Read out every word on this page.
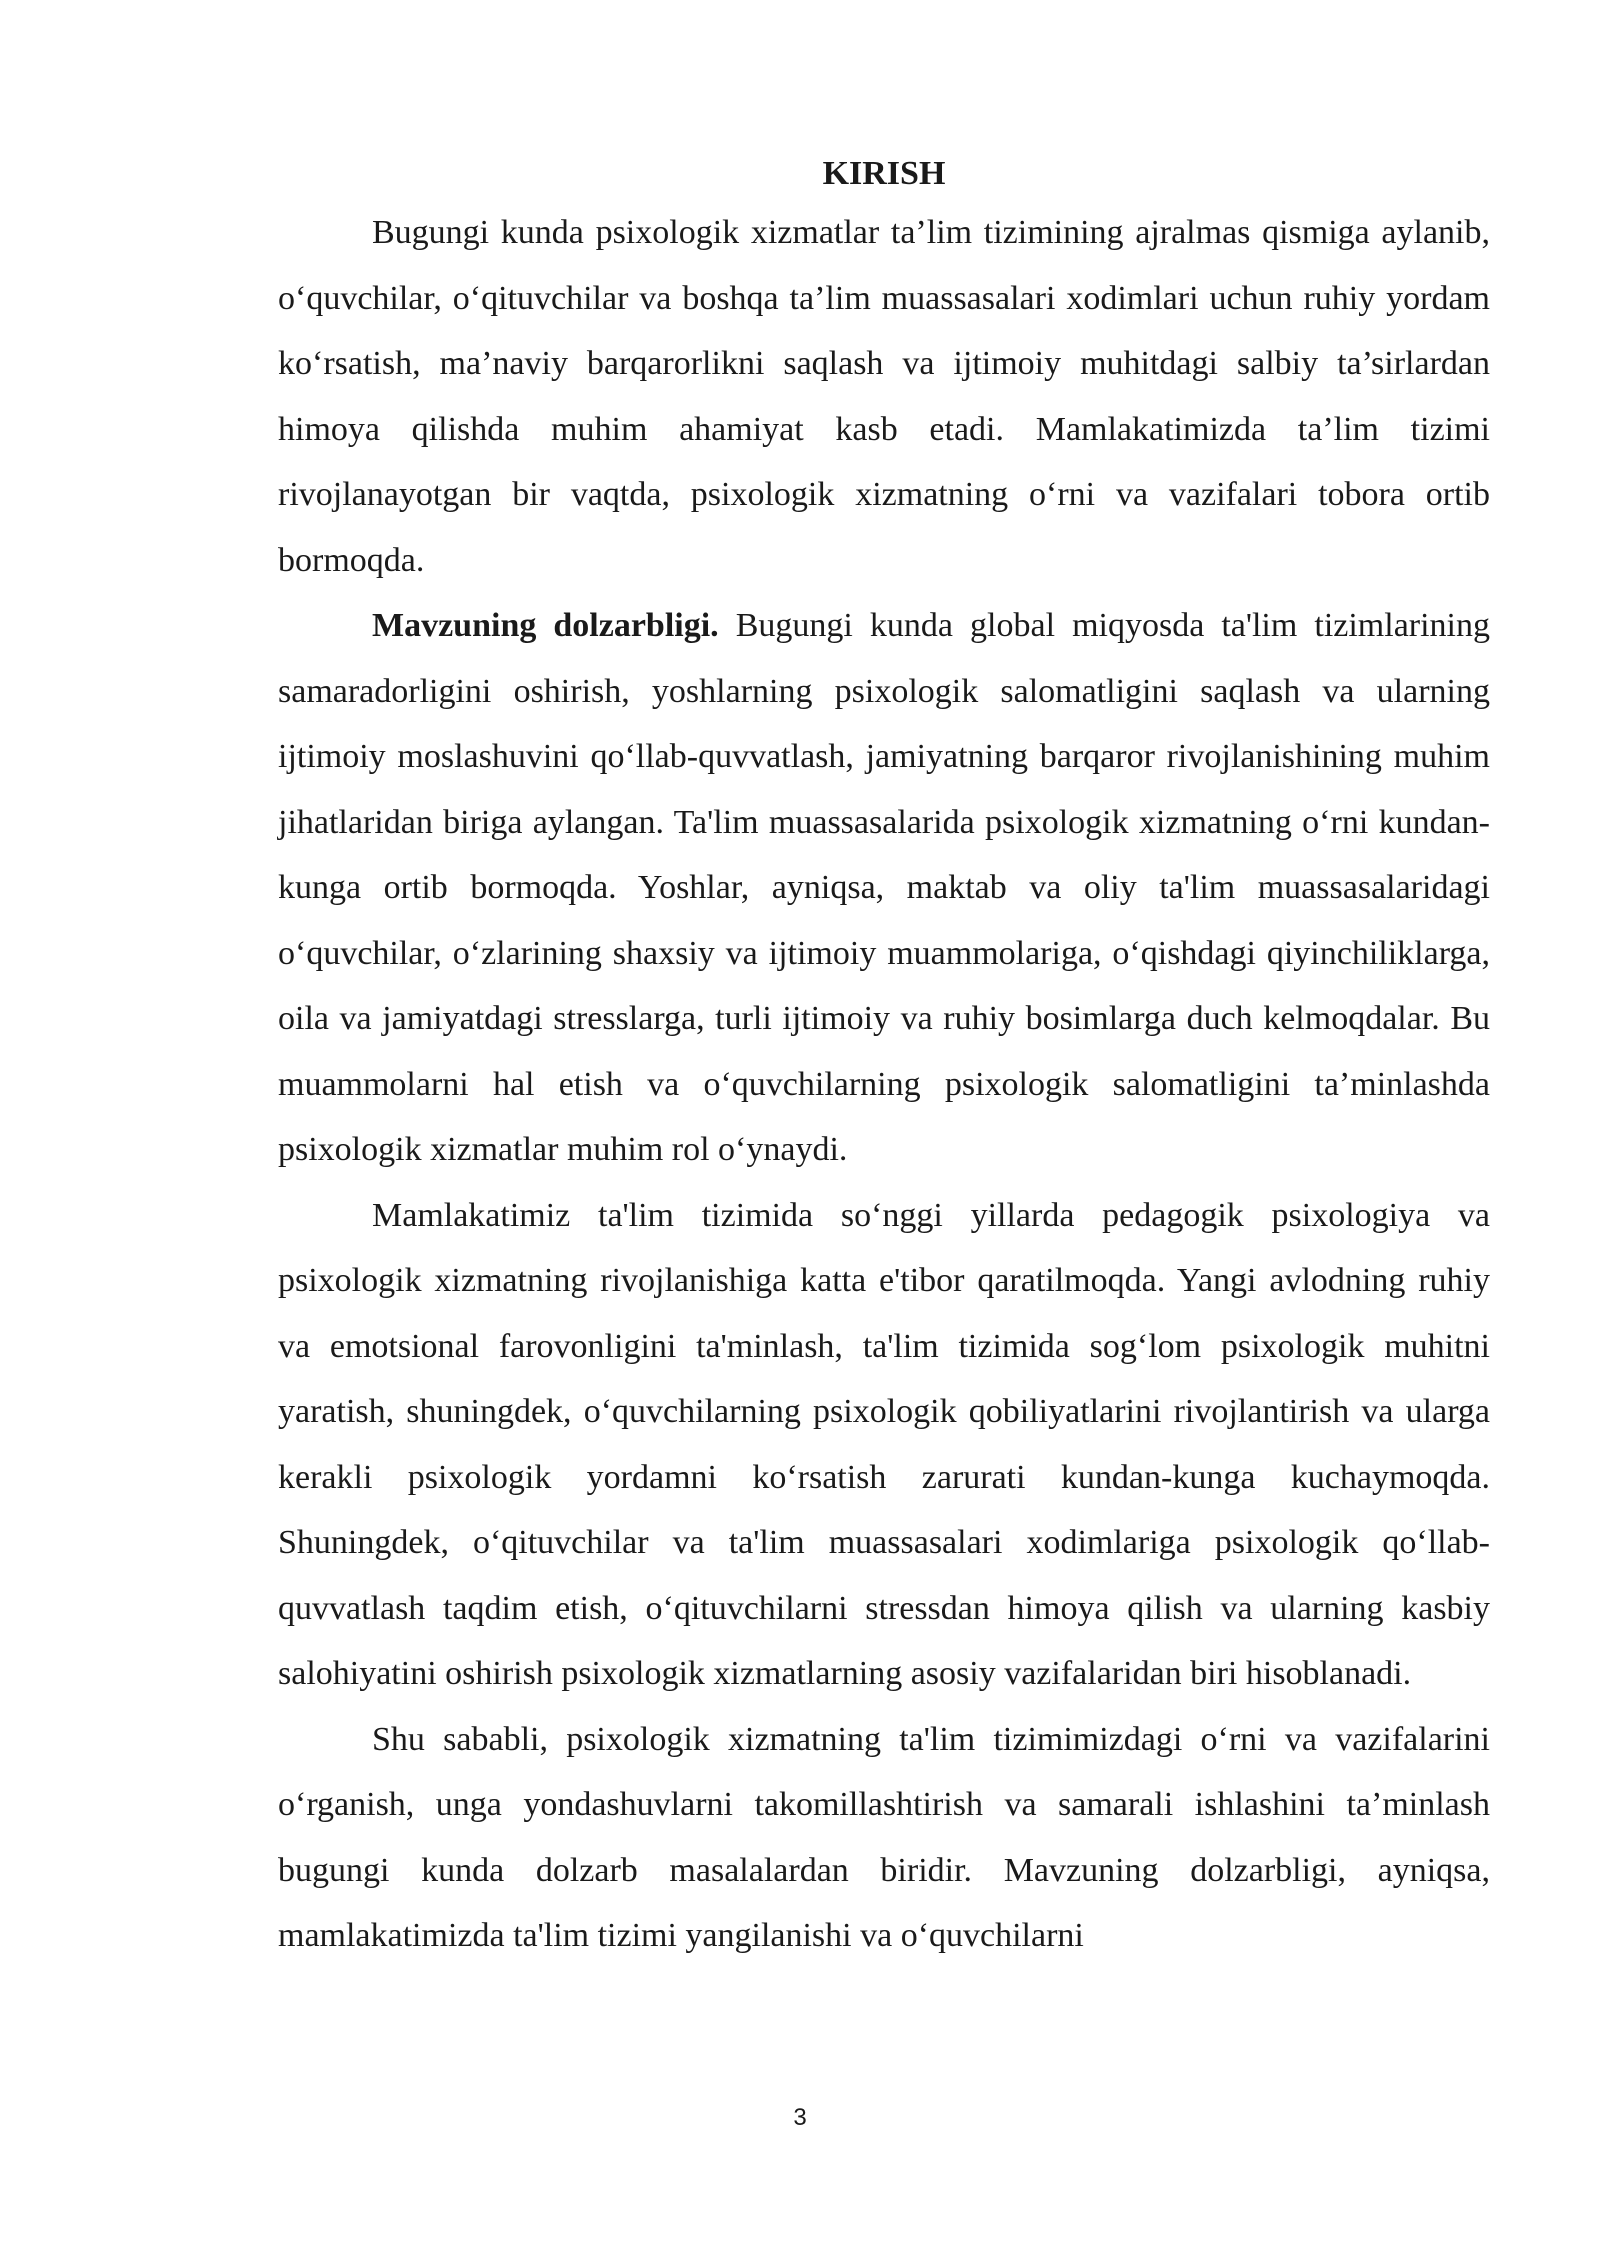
KIRISH

Bugungi kunda psixologik xizmatlar ta’lim tizimining ajralmas qismiga aylanib, o‘quvchilar, o‘qituvchilar va boshqa ta’lim muassasalari xodimlari uchun ruhiy yordam ko‘rsatish, ma’naviy barqarorlikni saqlash va ijtimoiy muhitdagi salbiy ta’sirlardan himoya qilishda muhim ahamiyat kasb etadi. Mamlakatimizda ta’lim tizimi rivojlanayotgan bir vaqtda, psixologik xizmatning o‘rni va vazifalari tobora ortib bormoqda.

Mavzuning dolzarbligi. Bugungi kunda global miqyosda ta'lim tizimlarining samaradorligini oshirish, yoshlarning psixologik salomatligini saqlash va ularning ijtimoiy moslashuvini qo‘llab-quvvatlash, jamiyatning barqaror rivojlanishining muhim jihatlaridan biriga aylangan. Ta'lim muassasalarida psixologik xizmatning o‘rni kundan-kunga ortib bormoqda. Yoshlar, ayniqsa, maktab va oliy ta'lim muassasalaridagi o‘quvchilar, o‘zlarining shaxsiy va ijtimoiy muammolariga, o‘qishdagi qiyinchiliklarga, oila va jamiyatdagi stresslarga, turli ijtimoiy va ruhiy bosimlarga duch kelmoqdalar. Bu muammolarni hal etish va o‘quvchilarning psixologik salomatligini ta’minlashda psixologik xizmatlar muhim rol o‘ynaydi.

Mamlakatimiz ta'lim tizimida so‘nggi yillarda pedagogik psixologiya va psixologik xizmatning rivojlanishiga katta e'tibor qaratilmoqda. Yangi avlodning ruhiy va emotsional farovonligini ta'minlash, ta'lim tizimida sog‘lom psixologik muhitni yaratish, shuningdek, o‘quvchilarning psixologik qobiliyatlarini rivojlantirish va ularga kerakli psixologik yordamni ko‘rsatish zarurati kundan-kunga kuchaymoqda. Shuningdek, o‘qituvchilar va ta'lim muassasalari xodimlariga psixologik qo‘llab-quvvatlash taqdim etish, o‘qituvchilarni stressdan himoya qilish va ularning kasbiy salohiyatini oshirish psixologik xizmatlarning asosiy vazifalaridan biri hisoblanadi.

Shu sababli, psixologik xizmatning ta'lim tizimimizdagi o‘rni va vazifalarini o‘rganish, unga yondashuvlarni takomillashtirish va samarali ishlashini ta’minlash bugungi kunda dolzarb masalalardan biridir. Mavzuning dolzarbligi, ayniqsa, mamlakatimizda ta'lim tizimi yangilanishi va o‘quvchilarni

3
